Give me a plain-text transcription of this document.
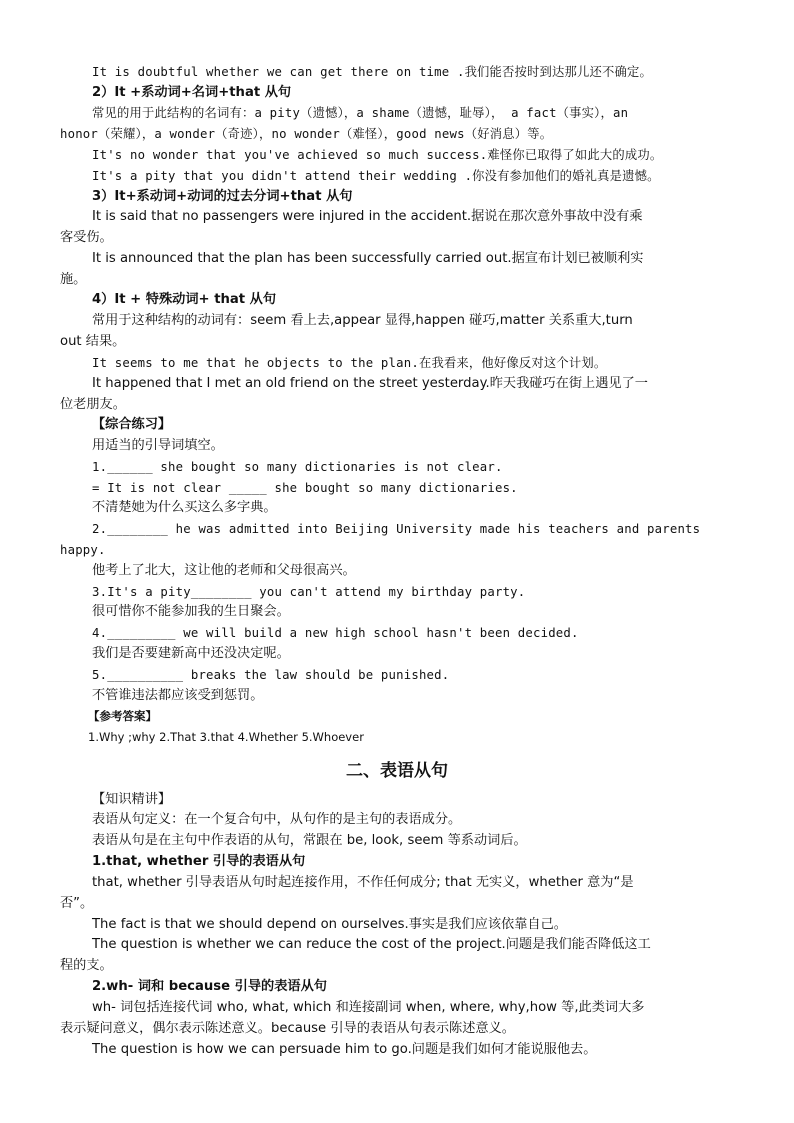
It is doubtful whether we can get there on time .我们能否按时到达那儿还不确定。
2）It +系动词+名词+that 从句
常见的用于此结构的名词有：a pity（遗憾），a shame（遗憾，耻辱）， a fact（事实），an
honor（荣耀），a wonder（奇迹），no wonder（难怪），good news（好消息）等。
It's no wonder that you've achieved so much success.难怪你已取得了如此大的成功。
It's a pity that you didn't attend their wedding .你没有参加他们的婚礼真是遗憾。
3）It+系动词+动词的过去分词+that 从句
It is said that no passengers were injured in the accident.据说在那次意外事故中没有乘
客受伤。
It is announced that the plan has been successfully carried out.据宣布计划已被顺利实
施。
4）It + 特殊动词+ that 从句
常用于这种结构的动词有：seem 看上去,appear 显得,happen 碰巧,matter 关系重大,turn
out 结果。
It seems to me that he objects to the plan.在我看来，他好像反对这个计划。
It happened that I met an old friend on the street yesterday.昨天我碰巧在街上遇见了一
位老朋友。
【综合练习】
用适当的引导词填空。
1.______ she bought so many dictionaries is not clear.
= It is not clear _____ she bought so many dictionaries.
不清楚她为什么买这么多字典。
2.________ he was admitted into Beijing University made his teachers and parents
happy.
他考上了北大，这让他的老师和父母很高兴。
3.It's a pity________ you can't attend my birthday party.
很可惜你不能参加我的生日聚会。
4._________ we will build a new high school hasn't been decided.
我们是否要建新高中还没决定呢。
5.__________ breaks the law should be punished.
不管谁违法都应该受到惩罚。
【参考答案】
1.Why ;why 2.That 3.that 4.Whether 5.Whoever
二、表语从句
【知识精讲】
表语从句定义：在一个复合句中，从句作的是主句的表语成分。
表语从句是在主句中作表语的从句，常跟在 be, look, seem 等系动词后。
1.that, whether 引导的表语从句
that, whether 引导表语从句时起连接作用，不作任何成分; that 无实义，whether 意为“是
否”。
The fact is that we should depend on ourselves.事实是我们应该依靠自己。
The question is whether we can reduce the cost of the project.问题是我们能否降低这工
程的支。
2.wh- 词和 because 引导的表语从句
wh- 词包括连接代词 who, what, which 和连接副词 when, where, why,how 等,此类词大多
表示疑问意义，偶尔表示陈述意义。because 引导的表语从句表示陈述意义。
The question is how we can persuade him to go.问题是我们如何才能说服他去。
